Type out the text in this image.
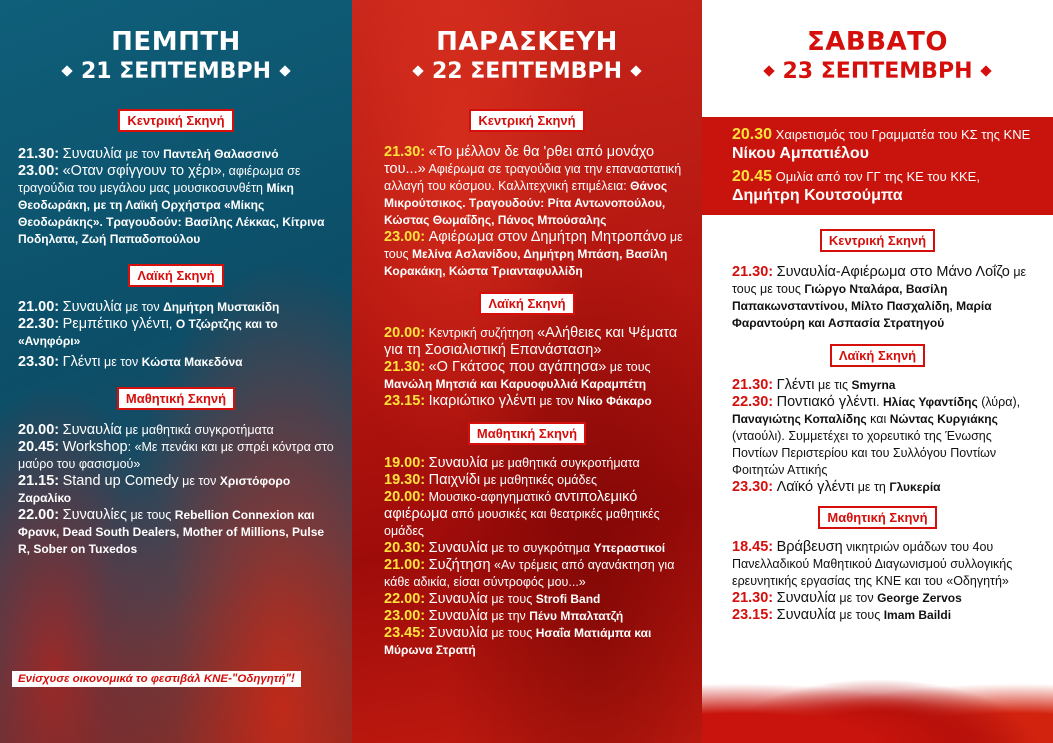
ΠΕΜΠΤΗ
21 ΣΕΠΤΕΜΒΡΗ
Κεντρική Σκηνή

21.30: Συναυλία με τον Παντελή Θαλασσινό

23.00: «Οταν σφίγγουν το χέρι», αφιέρωμα σε τραγούδια του μεγάλου μας μουσικοσυνθέτη Μίκη Θεοδωράκη, με τη Λαϊκή Ορχήστρα «Μίκης Θεοδωράκης». Τραγουδούν: Βασίλης Λέκκας, Κίτρινα Ποδηλατα, Ζωή Παπαδοπούλου

Λαϊκή Σκηνή

21.00: Συναυλία με τον Δημήτρη Μυστακίδη

22.30: Ρεμπέτικο γλέντι, Ο Τζώρτζης και το «Ανηφόρι»

23.30: Γλέντι με τον Κώστα Μακεδόνα

Μαθητική Σκηνή

20.00: Συναυλία με μαθητικά συγκροτήματα

20.45: Workshop: «Με πενάκι και με σπρέι κόντρα στο μαύρο του φασισμού»

21.15: Stand up Comedy με τον Χριστόφορο Ζαραλίκο

22.00: Συναυλίες με τους Rebellion Connexion και Φρανκ, Dead South Dealers, Mother of Millions, Pulse R, Sober on Tuxedos

Ενίσχυσε οικονομικά το φεστιβάλ ΚΝΕ-"Οδηγητή"!
ΠΑΡΑΣΚΕΥΗ
22 ΣΕΠΤΕΜΒΡΗ
Κεντρική Σκηνή

21.30: «Το μέλλον δε θα 'ρθει από μονάχο του...» Αφιέρωμα σε τραγούδια για την επαναστατική αλλαγή του κόσμου. Καλλιτεχνική επιμέλεια: Θάνος Μικρούτσικος. Τραγουδούν: Ρίτα Αντωνοπούλου, Κώστας Θωμαΐδης, Πάνος Μπούσαλης

23.00: Αφιέρωμα στον Δημήτρη Μητροπάνο με τους Μελίνα Ασλανίδου, Δημήτρη Μπάση, Βασίλη Κορακάκη, Κώστα Τριανταφυλλίδη

Λαϊκή Σκηνή

20.00: Κεντρική συζήτηση «Αλήθειες και Ψέματα για τη Σοσιαλιστική Επανάσταση»

21.30: «Ο Γκάτσος που αγάπησα» με τους Μανώλη Μητσιά και Καρυοφυλλιά Καραμπέτη

23.15: Ικαριώτικο γλέντι με τον Νίκο Φάκαρο

Μαθητική Σκηνή

19.00: Συναυλία με μαθητικά συγκροτήματα

19.30: Παιχνίδι με μαθητικές ομάδες

20.00: Μουσικο-αφηγηματικό αντιπολεμικό αφιέρωμα από μουσικές και θεατρικές μαθητικές ομάδες

20.30: Συναυλία με το συγκρότημα Υπεραστικοί

21.00: Συζήτηση «Αν τρέμεις από αγανάκτηση για κάθε αδικία, είσαι σύντροφός μου...»

22.00: Συναυλία με τους Strofi Band

23.00: Συναυλία με την Πένυ Μπαλτατζή

23.45: Συναυλία με τους Ησαΐα Ματιάμπα και Μύρωνα Στρατή

ΣΑΒΒΑΤΟ
23 ΣΕΠΤΕΜΒΡΗ

20.30 Χαιρετισμός του Γραμματέα του ΚΣ της ΚΝΕ
Νίκου Αμπατιέλου

20.45 Ομιλία από τον ΓΓ της ΚΕ του ΚΚΕ,
Δημήτρη Κουτσούμπα

Κεντρική Σκηνή

21.30: Συναυλία-Αφιέρωμα στο Μάνο Λοΐζο με τους με τους Γιώργο Νταλάρα, Βασίλη Παπακωνσταντίνου, Μίλτο Πασχαλίδη, Μαρία Φαραντούρη και Ασπασία Στρατηγού

Λαϊκή Σκηνή

21.30: Γλέντι με τις Smyrna

22.30: Ποντιακό γλέντι. Ηλίας Υφαντίδης (λύρα), Παναγιώτης Κοπαλίδης και Νώντας Κυργιάκης (νταούλι). Συμμετέχει το χορευτικό της Ένωσης Ποντίων Περιστερίου και του Συλλόγου Ποντίων Φοιτητών Αττικής

23.30: Λαϊκό γλέντι με τη Γλυκερία

Μαθητική Σκηνή

18.45: Βράβευση νικητριών ομάδων του 4ου Πανελλαδικού Μαθητικού Διαγωνισμού συλλογικής ερευνητικής εργασίας της ΚΝΕ και του «Οδηγητή»

21.30: Συναυλία με τον George Zervos

23.15: Συναυλία με τους Imam Baildi
